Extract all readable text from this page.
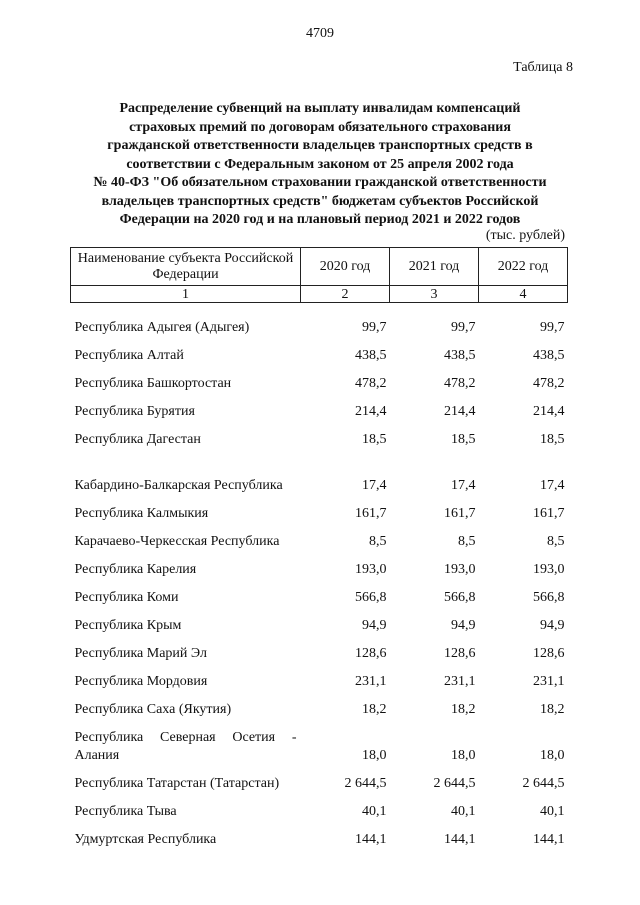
4709
Таблица 8
Распределение субвенций на выплату инвалидам компенсаций
страховых премий по договорам обязательного страхования
гражданской ответственности владельцев транспортных средств в
соответствии с Федеральным законом от 25 апреля 2002 года
№ 40-ФЗ "Об обязательном страховании гражданской ответственности
владельцев транспортных средств" бюджетам субъектов Российской
Федерации на 2020 год и на плановый период 2021 и 2022 годов
(тыс. рублей)
Наименование субъекта Российской Федерации	2020 год	2021 год	2022 год
1	2	3	4
Республика Адыгея (Адыгея)	99,7	99,7	99,7
Республика Алтай	438,5	438,5	438,5
Республика Башкортостан	478,2	478,2	478,2
Республика Бурятия	214,4	214,4	214,4
Республика Дагестан	18,5	18,5	18,5
Кабардино-Балкарская Республика	17,4	17,4	17,4
Республика Калмыкия	161,7	161,7	161,7
Карачаево-Черкесская Республика	8,5	8,5	8,5
Республика Карелия	193,0	193,0	193,0
Республика Коми	566,8	566,8	566,8
Республика Крым	94,9	94,9	94,9
Республика Марий Эл	128,6	128,6	128,6
Республика Мордовия	231,1	231,1	231,1
Республика Саха (Якутия)	18,2	18,2	18,2
Республика Северная Осетия - Алания	18,0	18,0	18,0
Республика Татарстан (Татарстан)	2 644,5	2 644,5	2 644,5
Республика Тыва	40,1	40,1	40,1
Удмуртская Республика	144,1	144,1	144,1
